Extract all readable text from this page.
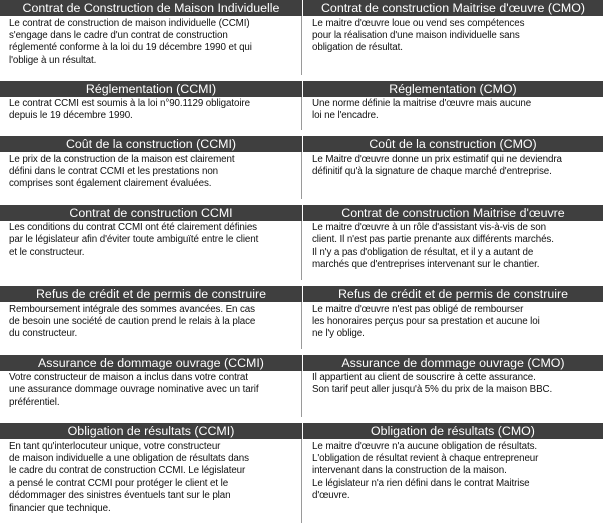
Contrat de Construction de Maison Individuelle
Le contrat de construction de maison individuelle (CCMI)
s'engage dans le cadre d'un contrat de construction
réglementé conforme à la loi du 19 décembre 1990 et qui
l'oblige à un résultat.
Contrat de construction Maitrise d'œuvre (CMO)
Le maitre d'œuvre loue ou vend ses compétences
pour la réalisation d'une maison individuelle sans
obligation de résultat.
Réglementation (CCMI)
Le contrat CCMI est soumis à la loi n°90.1129 obligatoire
depuis le 19 décembre 1990.
Réglementation (CMO)
Une norme définie la maitrise d'œuvre mais aucune
loi ne l'encadre.
Coût de la construction (CCMI)
Le prix de la construction de la maison est clairement
défini dans le contrat CCMI et les prestations non
comprises sont également clairement évaluées.
Coût de la construction (CMO)
Le Maitre d'œuvre donne un prix estimatif qui ne deviendra
définitif qu'à la signature de chaque marché d'entreprise.
Contrat de construction CCMI
Les conditions du contrat CCMI ont été clairement définies
par le législateur afin d'éviter toute ambiguïté entre le client
et le constructeur.
Contrat de construction Maitrise d'œuvre
Le maitre d'œuvre à un rôle d'assistant vis-à-vis de son
client. Il n'est pas partie prenante aux différents marchés.
Il n'y a pas d'obligation de résultat, et il y a autant de
marchés que d'entreprises intervenant sur le chantier.
Refus de crédit et de permis de construire
Remboursement intégrale des sommes avancées. En cas
de besoin une société de caution prend le relais à la place
du constructeur.
Refus de crédit et de permis de construire
Le maitre d'œuvre n'est pas obligé de rembourser
les honoraires perçus pour sa prestation et aucune loi
ne l'y oblige.
Assurance de dommage ouvrage (CCMI)
Votre constructeur de maison a inclus dans votre contrat
une assurance dommage ouvrage nominative avec un tarif
préférentiel.
Assurance de dommage ouvrage (CMO)
Il appartient au client de souscrire à cette assurance.
Son tarif peut aller jusqu'à 5% du prix de la maison BBC.
Obligation de résultats (CCMI)
En tant qu'interlocuteur unique, votre constructeur
de maison individuelle a une obligation de résultats dans
le cadre du contrat de construction CCMI. Le législateur
a pensé le contrat CCMI pour protéger le client et le
dédommager des sinistres éventuels tant sur le plan
financier que technique.
Obligation de résultats (CMO)
Le maitre d'œuvre n'a aucune obligation de résultats.
L'obligation de résultat revient à chaque entrepreneur
intervenant dans la construction de la maison.
Le législateur n'a rien défini dans le contrat Maitrise
d'œuvre.
